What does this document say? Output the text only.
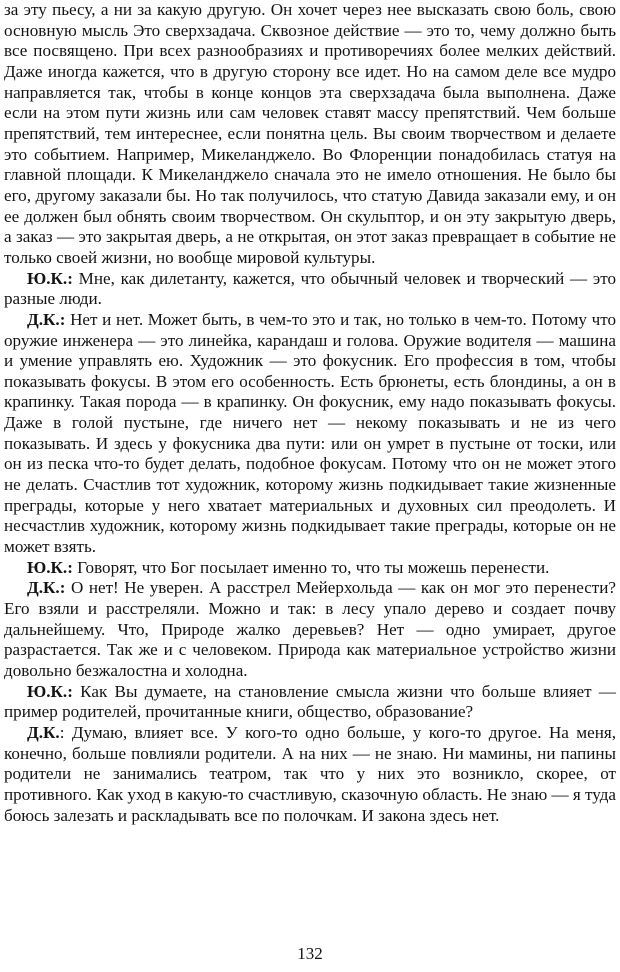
за эту пьесу, а ни за какую другую. Он хочет через нее высказать свою боль, свою основную мысль Это сверхзадача. Сквозное действие — это то, чему должно быть все посвящено. При всех разнообразиях и противоречиях более мелких действий. Даже иногда кажется, что в другую сторону все идет. Но на самом деле все мудро направляется так, чтобы в конце концов эта сверхзадача была выполнена. Даже если на этом пути жизнь или сам человек ставят массу препятствий. Чем больше препятствий, тем интереснее, если понятна цель. Вы своим творчеством и делаете это событием. Например, Микеланджело. Во Флоренции понадобилась статуя на главной площади. К Микеланджело сначала это не имело отношения. Не было бы его, другому заказали бы. Но так получилось, что статую Давида заказали ему, и он ее должен был обнять своим творчеством. Он скульптор, и он эту закрытую дверь, а заказ — это закрытая дверь, а не открытая, он этот заказ превращает в событие не только своей жизни, но вообще мировой культуры.

Ю.К.: Мне, как дилетанту, кажется, что обычный человек и творческий — это разные люди.

Д.К.: Нет и нет. Может быть, в чем-то это и так, но только в чем-то. Потому что оружие инженера — это линейка, карандаш и голова. Оружие водителя — машина и умение управлять ею. Художник — это фокусник. Его профессия в том, чтобы показывать фокусы. В этом его особенность. Есть брюнеты, есть блондины, а он в крапинку. Такая порода — в крапинку. Он фокусник, ему надо показывать фокусы. Даже в голой пустыне, где ничего нет — некому показывать и не из чего показывать. И здесь у фокусника два пути: или он умрет в пустыне от тоски, или он из песка что-то будет делать, подобное фокусам. Потому что он не может этого не делать. Счастлив тот художник, которому жизнь подкидывает такие жизненные преграды, которые у него хватает материальных и духовных сил преодолеть. И несчастлив художник, которому жизнь подкидывает такие преграды, которые он не может взять.

Ю.К.: Говорят, что Бог посылает именно то, что ты можешь перенести.

Д.К.: О нет! Не уверен. А расстрел Мейерхольда — как он мог это перенести? Его взяли и расстреляли. Можно и так: в лесу упало дерево и создает почву дальнейшему. Что, Природе жалко деревьев? Нет — одно умирает, другое разрастается. Так же и с человеком. Природа как материальное устройство жизни довольно безжалостна и холодна.

Ю.К.: Как Вы думаете, на становление смысла жизни что больше влияет — пример родителей, прочитанные книги, общество, образование?

Д.К.: Думаю, влияет все. У кого-то одно больше, у кого-то другое. На меня, конечно, больше повлияли родители. А на них — не знаю. Ни мамины, ни папины родители не занимались театром, так что у них это возникло, скорее, от противного. Как уход в какую-то счастливую, сказочную область. Не знаю — я туда боюсь залезать и раскладывать все по полочкам. И закона здесь нет.

132
